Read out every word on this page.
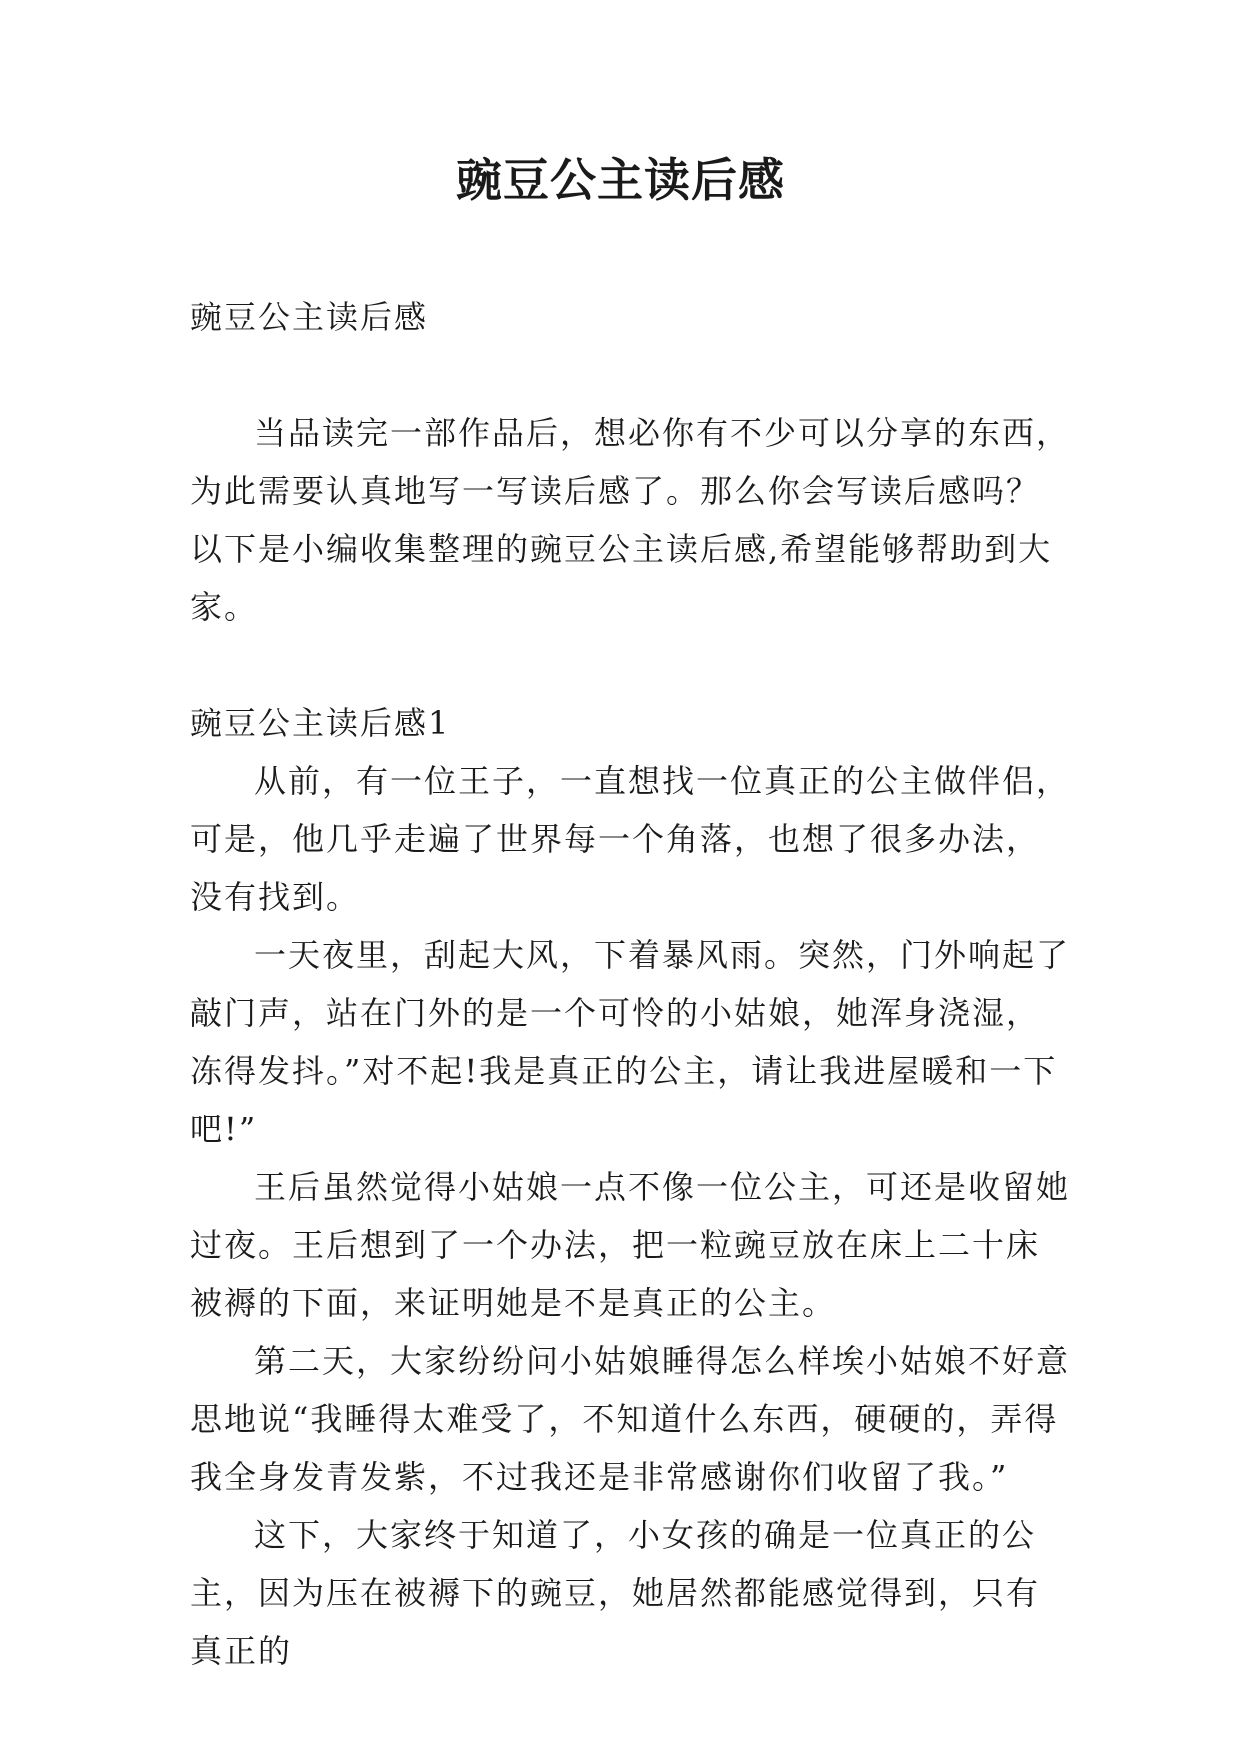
豌豆公主读后感

豌豆公主读后感

当品读完一部作品后，想必你有不少可以分享的东西，为此需要认真地写一写读后感了。那么你会写读后感吗？以下是小编收集整理的豌豆公主读后感,希望能够帮助到大家。

豌豆公主读后感1

从前，有一位王子，一直想找一位真正的公主做伴侣，可是，他几乎走遍了世界每一个角落，也想了很多办法，没有找到。

一天夜里，刮起大风，下着暴风雨。突然，门外响起了敲门声，站在门外的是一个可怜的小姑娘，她浑身浇湿，冻得发抖。”对不起!我是真正的公主，请让我进屋暖和一下吧!”

王后虽然觉得小姑娘一点不像一位公主，可还是收留她过夜。王后想到了一个办法，把一粒豌豆放在床上二十床被褥的下面，来证明她是不是真正的公主。

第二天，大家纷纷问小姑娘睡得怎么样埃小姑娘不好意思地说“我睡得太难受了，不知道什么东西，硬硬的，弄得我全身发青发紫，不过我还是非常感谢你们收留了我。”

这下，大家终于知道了，小女孩的确是一位真正的公主，因为压在被褥下的豌豆，她居然都能感觉得到，只有真正的
